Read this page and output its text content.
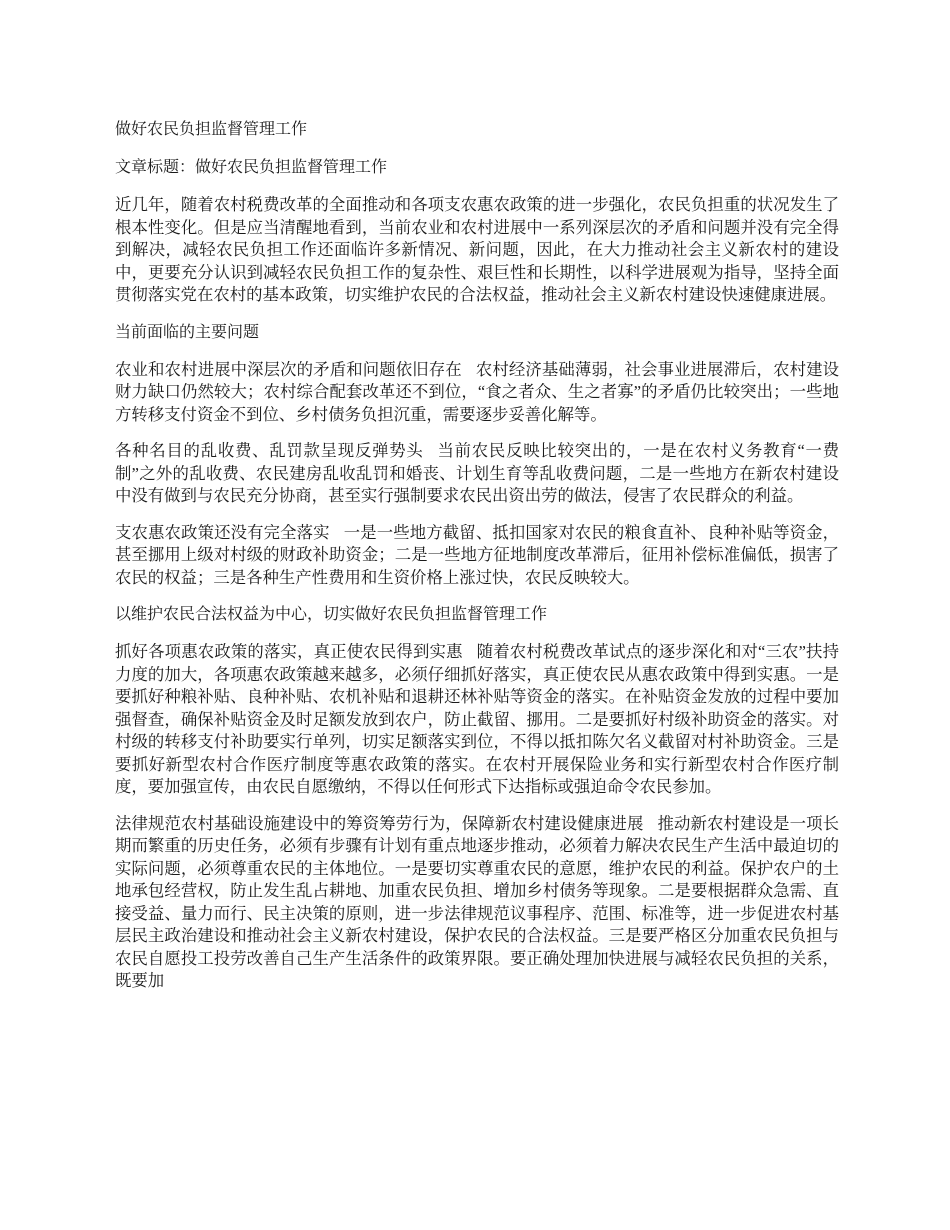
做好农民负担监督管理工作
文章标题：做好农民负担监督管理工作

近几年，随着农村税费改革的全面推动和各项支农惠农政策的进一步强化，农民负担重的状况发生了根本性变化。但是应当清醒地看到，当前农业和农村进展中一系列深层次的矛盾和问题并没有完全得到解决，减轻农民负担工作还面临许多新情况、新问题，因此，在大力推动社会主义新农村的建设中，更要充分认识到减轻农民负担工作的复杂性、艰巨性和长期性，以科学进展观为指导，坚持全面贯彻落实党在农村的基本政策，切实维护农民的合法权益，推动社会主义新农村建设快速健康进展。

当前面临的主要问题

农业和农村进展中深层次的矛盾和问题依旧存在 农村经济基础薄弱，社会事业进展滞后，农村建设财力缺口仍然较大；农村综合配套改革还不到位，“食之者众、生之者寡”的矛盾仍比较突出；一些地方转移支付资金不到位、乡村债务负担沉重，需要逐步妥善化解等。

各种名目的乱收费、乱罚款呈现反弹势头 当前农民反映比较突出的，一是在农村义务教育“一费制”之外的乱收费、农民建房乱收乱罚和婚丧、计划生育等乱收费问题，二是一些地方在新农村建设中没有做到与农民充分协商，甚至实行强制要求农民出资出劳的做法，侵害了农民群众的利益。

支农惠农政策还没有完全落实 一是一些地方截留、抵扣国家对农民的粮食直补、良种补贴等资金，甚至挪用上级对村级的财政补助资金；二是一些地方征地制度改革滞后，征用补偿标准偏低，损害了农民的权益；三是各种生产性费用和生资价格上涨过快，农民反映较大。

以维护农民合法权益为中心，切实做好农民负担监督管理工作

抓好各项惠农政策的落实，真正使农民得到实惠 随着农村税费改革试点的逐步深化和对“三农”扶持力度的加大，各项惠农政策越来越多，必须仔细抓好落实，真正使农民从惠农政策中得到实惠。一是要抓好种粮补贴、良种补贴、农机补贴和退耕还林补贴等资金的落实。在补贴资金发放的过程中要加强督查，确保补贴资金及时足额发放到农户，防止截留、挪用。二是要抓好村级补助资金的落实。对村级的转移支付补助要实行单列，切实足额落实到位，不得以抵扣陈欠名义截留对村补助资金。三是要抓好新型农村合作医疗制度等惠农政策的落实。在农村开展保险业务和实行新型农村合作医疗制度，要加强宣传，由农民自愿缴纳，不得以任何形式下达指标或强迫命令农民参加。

法律规范农村基础设施建设中的筹资筹劳行为，保障新农村建设健康进展 推动新农村建设是一项长期而繁重的历史任务，必须有步骤有计划有重点地逐步推动，必须着力解决农民生产生活中最迫切的实际问题，必须尊重农民的主体地位。一是要切实尊重农民的意愿，维护农民的利益。保护农户的土地承包经营权，防止发生乱占耕地、加重农民负担、增加乡村债务等现象。二是要根据群众急需、直接受益、量力而行、民主决策的原则，进一步法律规范议事程序、范围、标准等，进一步促进农村基层民主政治建设和推动社会主义新农村建设，保护农民的合法权益。三是要严格区分加重农民负担与农民自愿投工投劳改善自己生产生活条件的政策界限。要正确处理加快进展与减轻农民负担的关系，既要加
